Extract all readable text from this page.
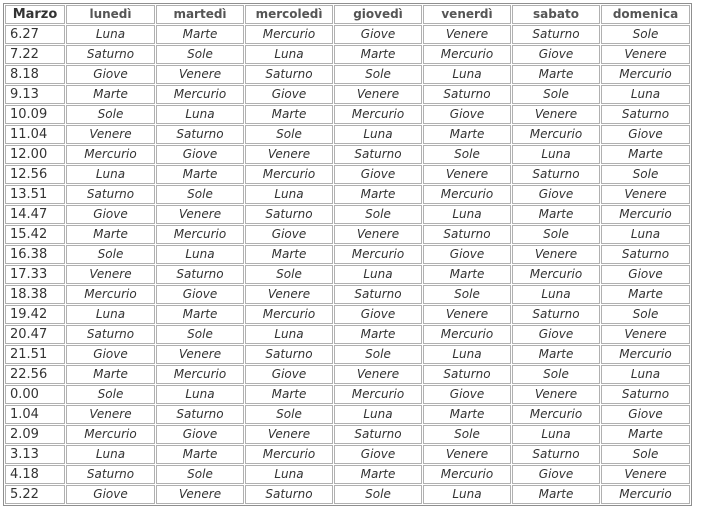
Marzo	lunedì	martedì	mercoledì	giovedì	venerdì	sabato	domenica
6.27	Luna	Marte	Mercurio	Giove	Venere	Saturno	Sole
7.22	Saturno	Sole	Luna	Marte	Mercurio	Giove	Venere
8.18	Giove	Venere	Saturno	Sole	Luna	Marte	Mercurio
9.13	Marte	Mercurio	Giove	Venere	Saturno	Sole	Luna
10.09	Sole	Luna	Marte	Mercurio	Giove	Venere	Saturno
11.04	Venere	Saturno	Sole	Luna	Marte	Mercurio	Giove
12.00	Mercurio	Giove	Venere	Saturno	Sole	Luna	Marte
12.56	Luna	Marte	Mercurio	Giove	Venere	Saturno	Sole
13.51	Saturno	Sole	Luna	Marte	Mercurio	Giove	Venere
14.47	Giove	Venere	Saturno	Sole	Luna	Marte	Mercurio
15.42	Marte	Mercurio	Giove	Venere	Saturno	Sole	Luna
16.38	Sole	Luna	Marte	Mercurio	Giove	Venere	Saturno
17.33	Venere	Saturno	Sole	Luna	Marte	Mercurio	Giove
18.38	Mercurio	Giove	Venere	Saturno	Sole	Luna	Marte
19.42	Luna	Marte	Mercurio	Giove	Venere	Saturno	Sole
20.47	Saturno	Sole	Luna	Marte	Mercurio	Giove	Venere
21.51	Giove	Venere	Saturno	Sole	Luna	Marte	Mercurio
22.56	Marte	Mercurio	Giove	Venere	Saturno	Sole	Luna
0.00	Sole	Luna	Marte	Mercurio	Giove	Venere	Saturno
1.04	Venere	Saturno	Sole	Luna	Marte	Mercurio	Giove
2.09	Mercurio	Giove	Venere	Saturno	Sole	Luna	Marte
3.13	Luna	Marte	Mercurio	Giove	Venere	Saturno	Sole
4.18	Saturno	Sole	Luna	Marte	Mercurio	Giove	Venere
5.22	Giove	Venere	Saturno	Sole	Luna	Marte	Mercurio
